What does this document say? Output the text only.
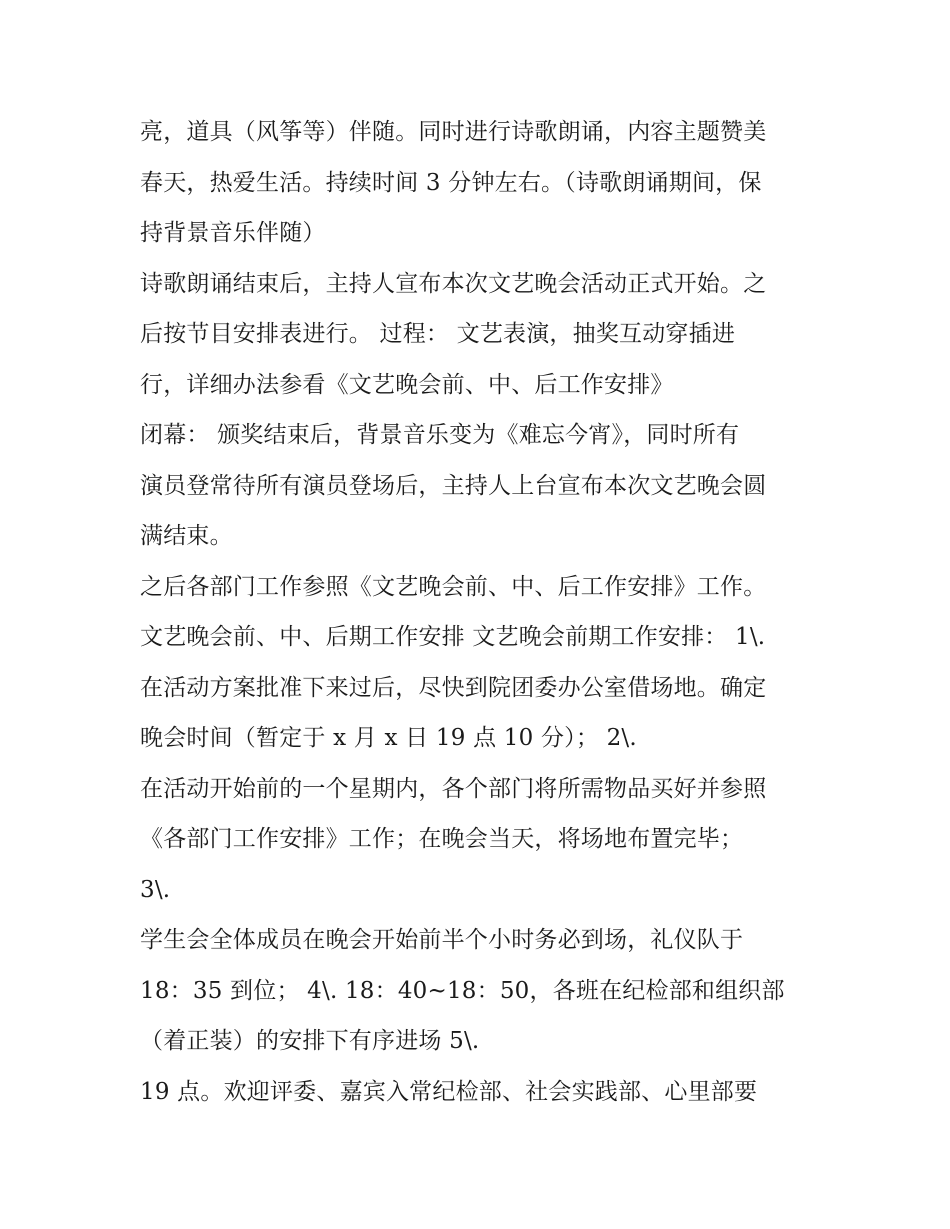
亮，道具（风筝等）伴随。同时进行诗歌朗诵，内容主题赞美
春天，热爱生活。持续时间 3 分钟左右。（诗歌朗诵期间，保
持背景音乐伴随）
诗歌朗诵结束后，主持人宣布本次文艺晚会活动正式开始。之
后按节目安排表进行。 过程： 文艺表演，抽奖互动穿插进
行，详细办法参看《文艺晚会前、中、后工作安排》
闭幕： 颁奖结束后，背景音乐变为《难忘今宵》，同时所有
演员登常待所有演员登场后，主持人上台宣布本次文艺晚会圆
满结束。
之后各部门工作参照《文艺晚会前、中、后工作安排》工作。
文艺晚会前、中、后期工作安排 文艺晚会前期工作安排： 1\.
在活动方案批准下来过后，尽快到院团委办公室借场地。确定
晚会时间（暂定于 x 月 x 日 19 点 10 分）； 2\.
在活动开始前的一个星期内，各个部门将所需物品买好并参照
《各部门工作安排》工作；在晚会当天，将场地布置完毕；
3\.
学生会全体成员在晚会开始前半个小时务必到场，礼仪队于
18：35 到位； 4\. 18：40~18：50，各班在纪检部和组织部
（着正装）的安排下有序进场 5\.
19 点。欢迎评委、嘉宾入常纪检部、社会实践部、心里部要
